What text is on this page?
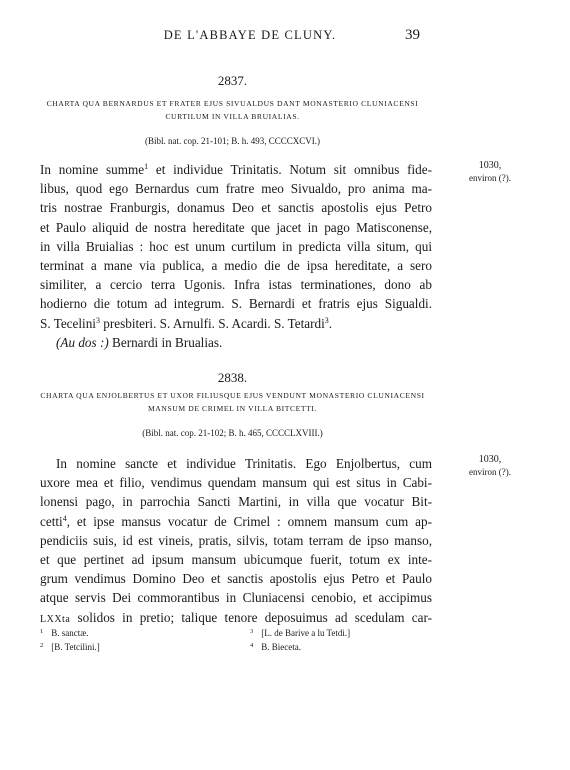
DE L'ABBAYE DE CLUNY.	39
2837.
CHARTA QUA BERNARDUS ET FRATER EJUS SIVUALDUS DANT MONASTERIO CLUNIACENSI
CURTILUM IN VILLA BRUIALIAS.
(Bibl. nat. cop. 21-101; B. h. 493, CCCCXCVI.)
1030,
environ (?).
In nomine summe$^1$ et individue Trinitatis. Notum sit omnibus fide-
libus, quod ego Bernardus cum fratre meo Sivualdo, pro anima ma-
tris nostrae Franburgis, donamus Deo et sanctis apostolis ejus Petro
et Paulo aliquid de nostra hereditate que jacet in pago Matisconense,
in villa Bruialias : hoc est unum curtilum in predicta villa situm, qui
terminat a mane via publica, a medio die de ipsa hereditate, a sero
similiter, a cercio terra Ugonis. Infra istas terminationes, dono ab
hodierno die totum ad integrum. S. Bernardi et fratris ejus Sigualdi.
S. Tecelini$^3$ presbiteri. S. Arnulfi. S. Acardi. S. Tetardi$^3$.
(Au dos :) Bernardi in Brualias.
2838.
CHARTA QUA ENJOLBERTUS ET UXOR FILIUSQUE EJUS VENDUNT MONASTERIO CLUNIACENSI
MANSUM DE CRIMEL IN VILLA BITCETTI.
(Bibl. nat. cop. 21-102; B. h. 465, CCCCLXVIII.)
1030,
environ (?).
In nomine sancte et individue Trinitatis. Ego Enjolbertus, cum
uxore mea et filio, vendimus quendam mansum qui est situs in Cabi-
lonensi pago, in parrochia Sancti Martini, in villa que vocatur Bit-
cetti$^4$, et ipse mansus vocatur de Crimel : omnem mansum cum ap-
pendiciis suis, id est vineis, pratis, silvis, totam terram de ipso manso,
et que pertinet ad ipsum mansum ubicumque fuerit, totum ex inte-
grum vendimus Domino Deo et sanctis apostolis ejus Petro et Paulo
atque servis Dei commorantibus in Cluniacensi cenobio, et accipimus
LXXta solidos in pretio; talique tenore deposuimus ad scedulam car-
$^1$ B. sanctæ.
$^2$ [B. Tetcilini.]
$^3$ [L. de Barive a lu Tetdi.]
$^4$ B. Bieceta.
